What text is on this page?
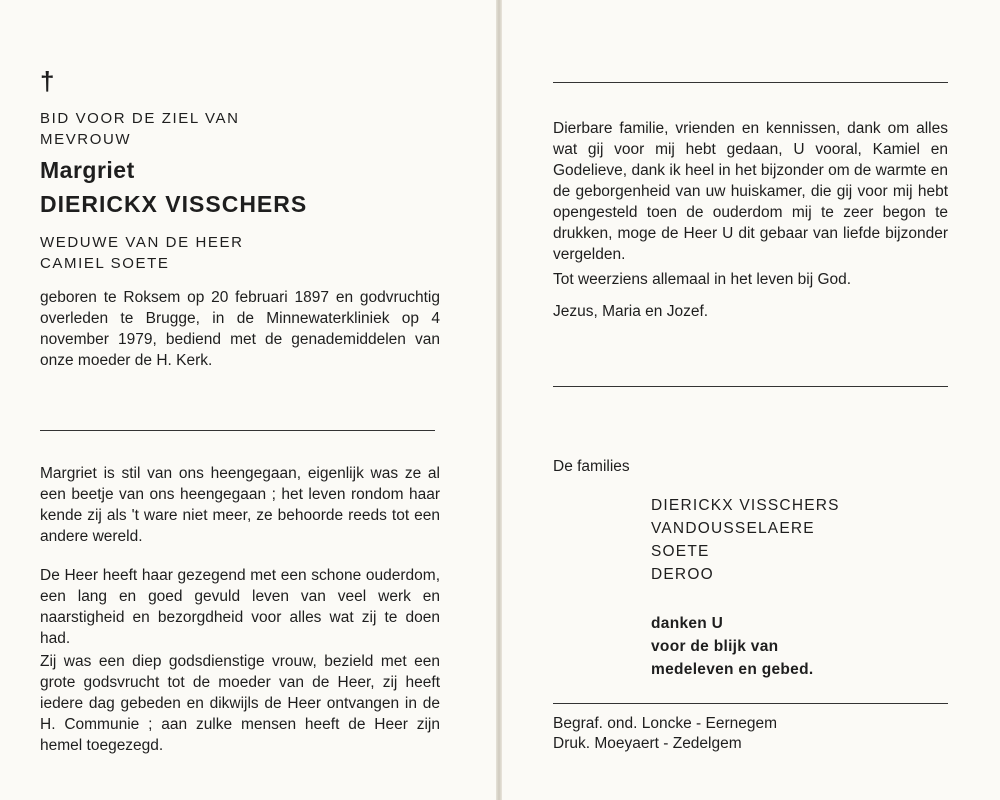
†

BID VOOR DE ZIEL VAN

MEVROUW

Margriet
DIERICKX VISSCHERS

WEDUWE VAN DE HEER

CAMIEL SOETE

geboren te Roksem op 20 februari 1897 en godvruchtig overleden te Brugge, in de Minnewaterkliniek op 4 november 1979, bediend met de genademiddelen van onze moeder de H. Kerk.

Margriet is stil van ons heengegaan, eigenlijk was ze al een beetje van ons heengegaan ; het leven rondom haar kende zij als 't ware niet meer, ze behoorde reeds tot een andere wereld.

De Heer heeft haar gezegend met een schone ouderdom, een lang en goed gevuld leven van veel werk en naarstigheid en bezorgdheid voor alles wat zij te doen had.

Zij was een diep godsdienstige vrouw, bezield met een grote godsvrucht tot de moeder van de Heer, zij heeft iedere dag gebeden en dikwijls de Heer ontvangen in de H. Communie ; aan zulke mensen heeft de Heer zijn hemel toegezegd.

Dierbare familie, vrienden en kennissen, dank om alles wat gij voor mij hebt gedaan, U vooral, Kamiel en Godelieve, dank ik heel in het bijzonder om de warmte en de geborgenheid van uw huiskamer, die gij voor mij hebt opengesteld toen de ouderdom mij te zeer begon te drukken, moge de Heer U dit gebaar van liefde bijzonder vergelden.

Tot weerziens allemaal in het leven bij God.

Jezus, Maria en Jozef.

De families

DIERICKX VISSCHERS
VANDOUSSELAERE
SOETE
DEROO
danken U
voor de blijk van
medeleven en gebed.
Begraf. ond. Loncke - Eernegem
Druk. Moeyaert - Zedelgem
